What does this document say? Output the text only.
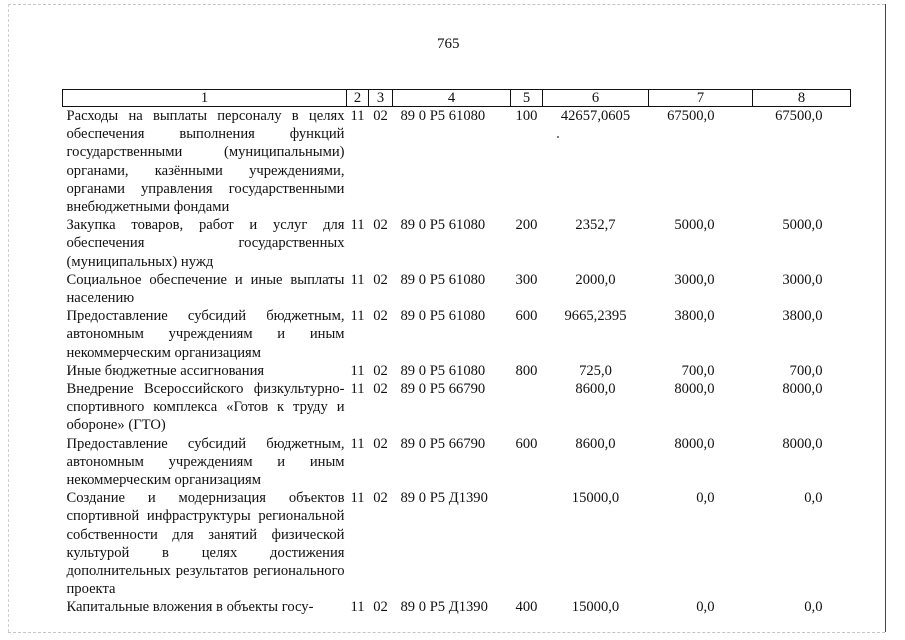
765
1	2	3	4	5	6	7	8
Расходы на выплаты персоналу в целях обеспечения выполнения функций государственными (муниципальными) органами, казёнными учреждениями, органами управления государственными внебюджетными фондами	11	02	89 0 Р5 61080	100	42657,0605	67500,0	67500,0
Закупка товаров, работ и услуг для обеспечения государственных (муниципальных) нужд	11	02	89 0 Р5 61080	200	2352,7	5000,0	5000,0
Социальное обеспечение и иные выплаты населению	11	02	89 0 Р5 61080	300	2000,0	3000,0	3000,0
Предоставление субсидий бюджетным, автономным учреждениям и иным некоммерческим организациям	11	02	89 0 Р5 61080	600	9665,2395	3800,0	3800,0
Иные бюджетные ассигнования	11	02	89 0 Р5 61080	800	725,0	700,0	700,0
Внедрение Всероссийского физкультурно-спортивного комплекса «Готов к труду и обороне» (ГТО)	11	02	89 0 Р5 66790		8600,0	8000,0	8000,0
Предоставление субсидий бюджетным, автономным учреждениям и иным некоммерческим организациям	11	02	89 0 Р5 66790	600	8600,0	8000,0	8000,0
Создание и модернизация объектов спортивной инфраструктуры региональной собственности для занятий физической культурой в целях достижения дополнительных результатов регионального проекта	11	02	89 0 Р5 Д1390		15000,0	0,0	0,0
Капитальные вложения в объекты госу-	11	02	89 0 Р5 Д1390	400	15000,0	0,0	0,0
